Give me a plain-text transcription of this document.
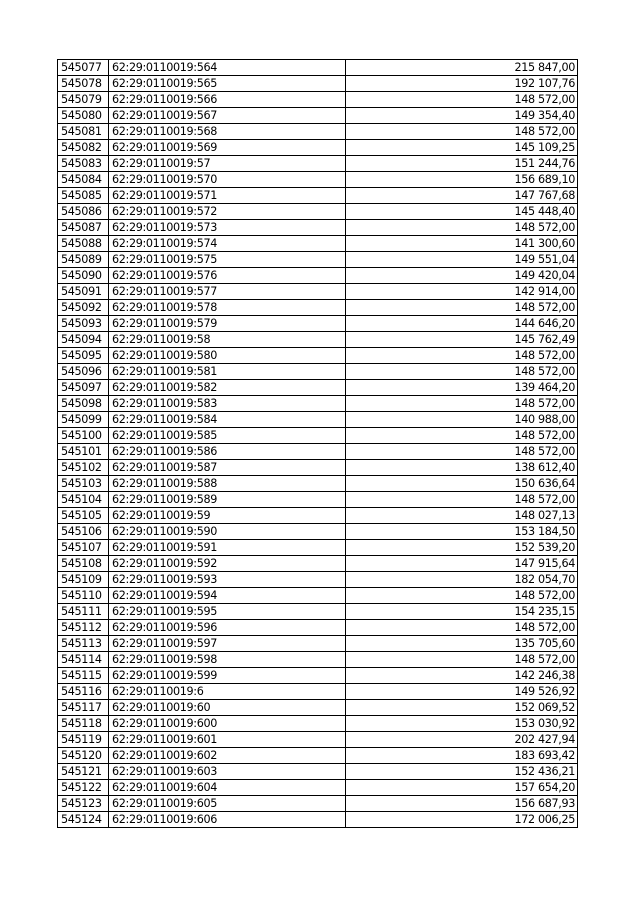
545077	62:29:0110019:564	215 847,00
545078	62:29:0110019:565	192 107,76
545079	62:29:0110019:566	148 572,00
545080	62:29:0110019:567	149 354,40
545081	62:29:0110019:568	148 572,00
545082	62:29:0110019:569	145 109,25
545083	62:29:0110019:57	151 244,76
545084	62:29:0110019:570	156 689,10
545085	62:29:0110019:571	147 767,68
545086	62:29:0110019:572	145 448,40
545087	62:29:0110019:573	148 572,00
545088	62:29:0110019:574	141 300,60
545089	62:29:0110019:575	149 551,04
545090	62:29:0110019:576	149 420,04
545091	62:29:0110019:577	142 914,00
545092	62:29:0110019:578	148 572,00
545093	62:29:0110019:579	144 646,20
545094	62:29:0110019:58	145 762,49
545095	62:29:0110019:580	148 572,00
545096	62:29:0110019:581	148 572,00
545097	62:29:0110019:582	139 464,20
545098	62:29:0110019:583	148 572,00
545099	62:29:0110019:584	140 988,00
545100	62:29:0110019:585	148 572,00
545101	62:29:0110019:586	148 572,00
545102	62:29:0110019:587	138 612,40
545103	62:29:0110019:588	150 636,64
545104	62:29:0110019:589	148 572,00
545105	62:29:0110019:59	148 027,13
545106	62:29:0110019:590	153 184,50
545107	62:29:0110019:591	152 539,20
545108	62:29:0110019:592	147 915,64
545109	62:29:0110019:593	182 054,70
545110	62:29:0110019:594	148 572,00
545111	62:29:0110019:595	154 235,15
545112	62:29:0110019:596	148 572,00
545113	62:29:0110019:597	135 705,60
545114	62:29:0110019:598	148 572,00
545115	62:29:0110019:599	142 246,38
545116	62:29:0110019:6	149 526,92
545117	62:29:0110019:60	152 069,52
545118	62:29:0110019:600	153 030,92
545119	62:29:0110019:601	202 427,94
545120	62:29:0110019:602	183 693,42
545121	62:29:0110019:603	152 436,21
545122	62:29:0110019:604	157 654,20
545123	62:29:0110019:605	156 687,93
545124	62:29:0110019:606	172 006,25
